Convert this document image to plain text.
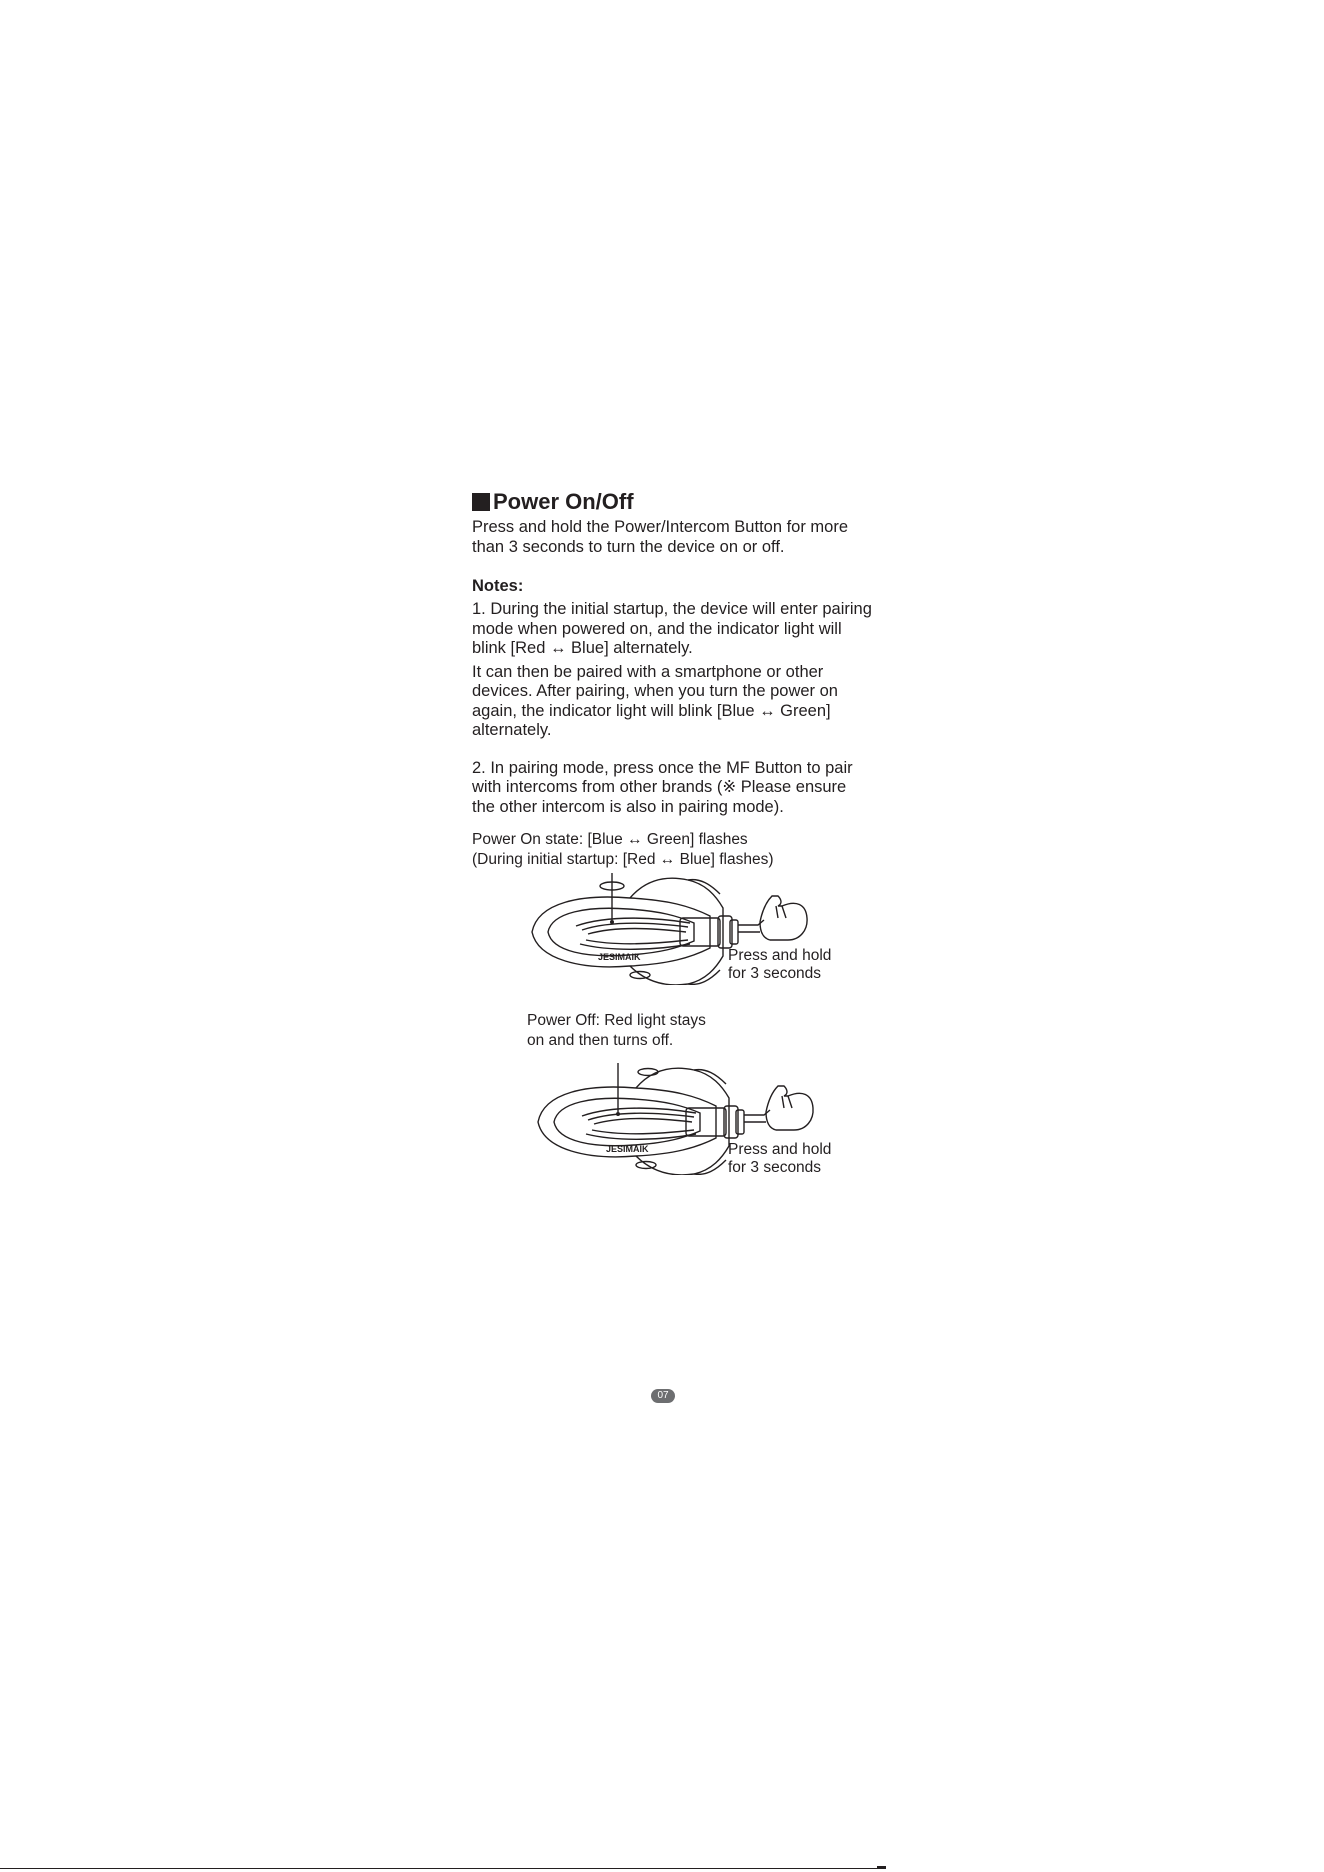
Power On/Off

Press and hold the Power/Intercom Button for more than 3 seconds to turn the device on or off.

Notes:

1. During the initial startup, the device will enter pairing mode when powered on, and the indicator light will blink [Red ↔ Blue] alternately.

It can then be paired with a smartphone or other devices. After pairing, when you turn the power on again, the indicator light will blink [Blue ↔ Green] alternately.

2. In pairing mode, press once the MF Button to pair with intercoms from other brands (※ Please ensure the other intercom is also in pairing mode).

Power On state: [Blue ↔ Green] flashes
(During initial startup: [Red ↔ Blue] flashes)
JESIMAIK	Press and hold
for 3 seconds
Power Off: Red light stays
on and then turns off.
JESIMAIK	Press and hold
for 3 seconds
07
